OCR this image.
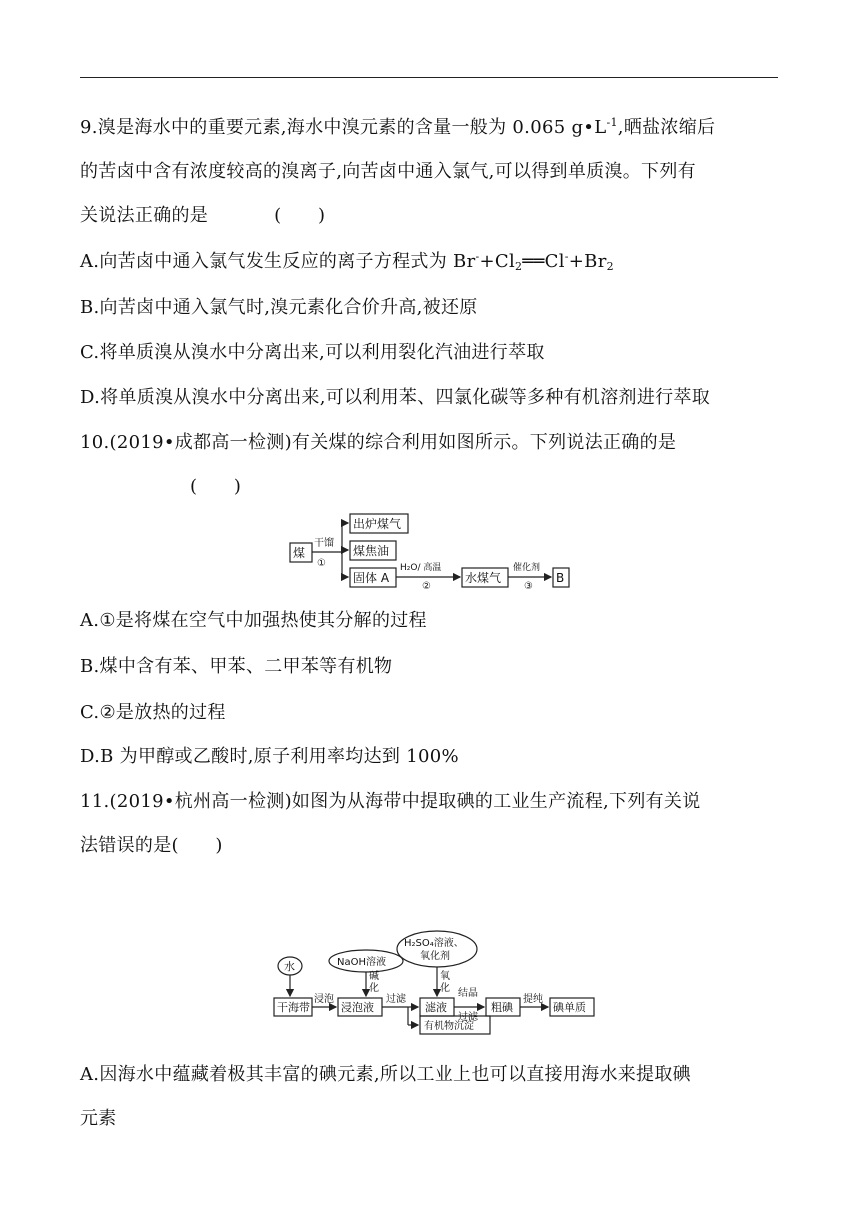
9.溴是海水中的重要元素,海水中溴元素的含量一般为 0.065 $g•L^{-1}$,晒盐浓缩后
的苦卤中含有浓度较高的溴离子,向苦卤中通入氯气,可以得到单质溴。下列有
关说法正确的是	(　　)
A.向苦卤中通入氯气发生反应的离子方程式为 $Br^-+Cl_2══Cl^-+Br_2$
B.向苦卤中通入氯气时,溴元素化合价升高,被还原
C.将单质溴从溴水中分离出来,可以利用裂化汽油进行萃取
D.将单质溴从溴水中分离出来,可以利用苯、四氯化碳等多种有机溶剂进行萃取
10.(2019•成都高一检测)有关煤的综合利用如图所示。下列说法正确的是
(　　)
煤
干馏
①
出炉煤气
煤焦油
固体 A
H₂O/ 高温
②
水煤气
催化剂
③
B
A.①是将煤在空气中加强热使其分解的过程
B.煤中含有苯、甲苯、二甲苯等有机物
C.②是放热的过程
D.B 为甲醇或乙酸时,原子利用率均达到 100%
11.(2019•杭州高一检测)如图为从海带中提取碘的工业生产流程,下列有关说
法错误的是(　　)
水	NaOH溶液
H₂SO₄溶液、
氧化剂
干海带
浸泡
浸泡液
碱
化
过滤
滤液
氧
化 结晶
过滤
粗碘
提纯
碘单质
有机物沉淀
A.因海水中蕴藏着极其丰富的碘元素,所以工业上也可以直接用海水来提取碘
元素
